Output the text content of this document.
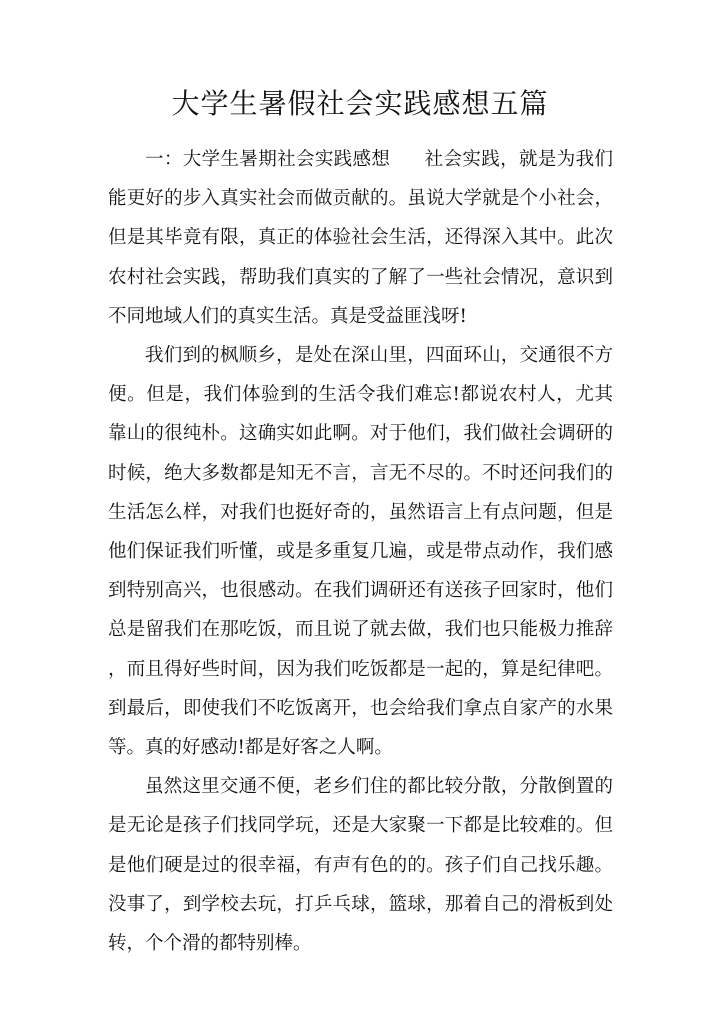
大学生暑假社会实践感想五篇

一：大学生暑期社会实践感想 社会实践，就是为我们能更好的步入真实社会而做贡献的。虽说大学就是个小社会，但是其毕竟有限，真正的体验社会生活，还得深入其中。此次农村社会实践，帮助我们真实的了解了一些社会情况，意识到不同地域人们的真实生活。真是受益匪浅呀!

我们到的枫顺乡，是处在深山里，四面环山，交通很不方便。但是，我们体验到的生活令我们难忘!都说农村人，尤其靠山的很纯朴。这确实如此啊。对于他们，我们做社会调研的时候，绝大多数都是知无不言，言无不尽的。不时还问我们的生活怎么样，对我们也挺好奇的，虽然语言上有点问题，但是他们保证我们听懂，或是多重复几遍，或是带点动作，我们感到特别高兴，也很感动。在我们调研还有送孩子回家时，他们总是留我们在那吃饭，而且说了就去做，我们也只能极力推辞，而且得好些时间，因为我们吃饭都是一起的，算是纪律吧。到最后，即使我们不吃饭离开，也会给我们拿点自家产的水果等。真的好感动!都是好客之人啊。

虽然这里交通不便，老乡们住的都比较分散，分散倒置的是无论是孩子们找同学玩，还是大家聚一下都是比较难的。但是他们硬是过的很幸福，有声有色的的。孩子们自己找乐趣。没事了，到学校去玩，打乒乓球，篮球，那着自己的滑板到处转，个个滑的都特别棒。
